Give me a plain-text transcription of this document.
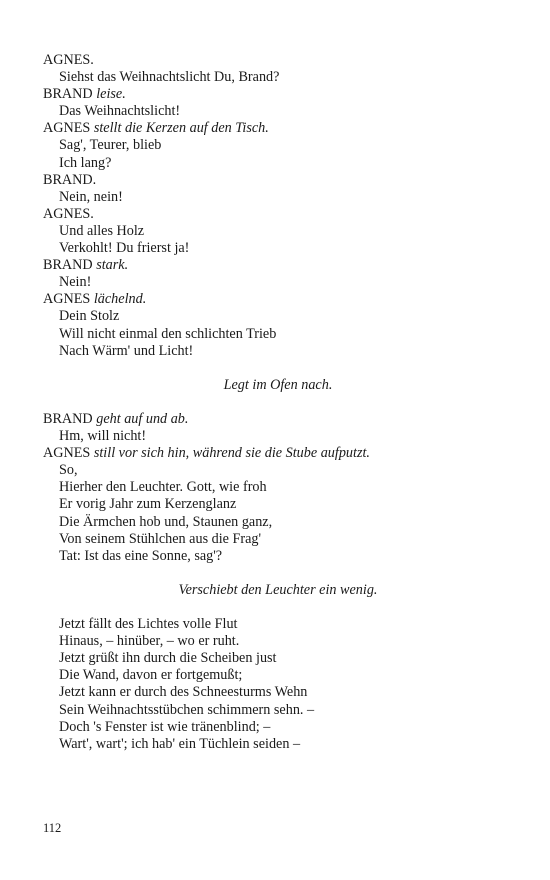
AGNES.
Siehst das Weihnachtslicht Du, Brand?
BRAND leise.
Das Weihnachtslicht!
AGNES stellt die Kerzen auf den Tisch.
Sag', Teurer, blieb
Ich lang?
BRAND.
Nein, nein!
AGNES.
Und alles Holz
Verkohlt! Du frierst ja!
BRAND stark.
Nein!
AGNES lächelnd.
Dein Stolz
Will nicht einmal den schlichten Trieb
Nach Wärm' und Licht!
Legt im Ofen nach.
BRAND geht auf und ab.
Hm, will nicht!
AGNES still vor sich hin, während sie die Stube aufputzt.
So,
Hierher den Leuchter. Gott, wie froh
Er vorig Jahr zum Kerzenglanz
Die Ärmchen hob und, Staunen ganz,
Von seinem Stühlchen aus die Frag'
Tat: Ist das eine Sonne, sag'?
Verschiebt den Leuchter ein wenig.
Jetzt fällt des Lichtes volle Flut
Hinaus, – hinüber, – wo er ruht.
Jetzt grüßt ihn durch die Scheiben just
Die Wand, davon er fortgemußt;
Jetzt kann er durch des Schneesturms Wehn
Sein Weihnachtsstübchen schimmern sehn. –
Doch 's Fenster ist wie tränenblind; –
Wart', wart'; ich hab' ein Tüchlein seiden –
112
